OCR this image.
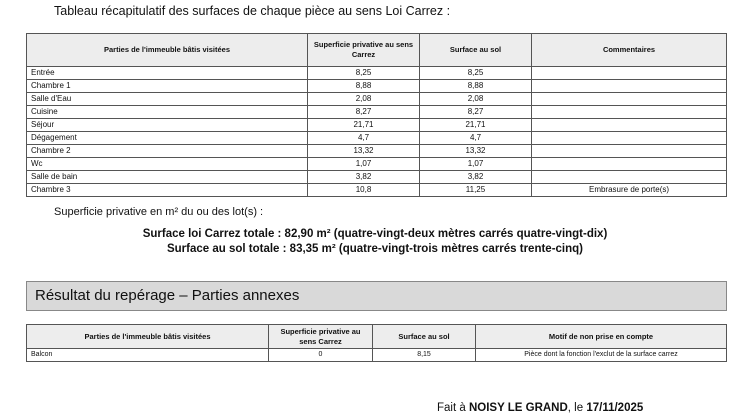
Tableau récapitulatif des surfaces de chaque pièce au sens Loi Carrez :
Parties de l'immeuble bâtis visitées	Superficie privative au sens Carrez	Surface au sol	Commentaires
Entrée	8,25	8,25	
Chambre 1	8,88	8,88	
Salle d'Eau	2,08	2,08	
Cuisine	8,27	8,27	
Séjour	21,71	21,71	
Dégagement	4,7	4,7	
Chambre 2	13,32	13,32	
Wc	1,07	1,07	
Salle de bain	3,82	3,82	
Chambre 3	10,8	11,25	Embrasure de porte(s)
Superficie privative en m² du ou des lot(s) :
Surface loi Carrez totale : 82,90 m² (quatre-vingt-deux mètres carrés quatre-vingt-dix)
Surface au sol totale : 83,35 m² (quatre-vingt-trois mètres carrés trente-cinq)
Résultat du repérage – Parties annexes
Parties de l'immeuble bâtis visitées	Superficie privative au sens Carrez	Surface au sol	Motif de non prise en compte
Balcon	0	8,15	Pièce dont la fonction l'exclut de la surface carrez
Fait à NOISY LE GRAND, le 17/11/2025
